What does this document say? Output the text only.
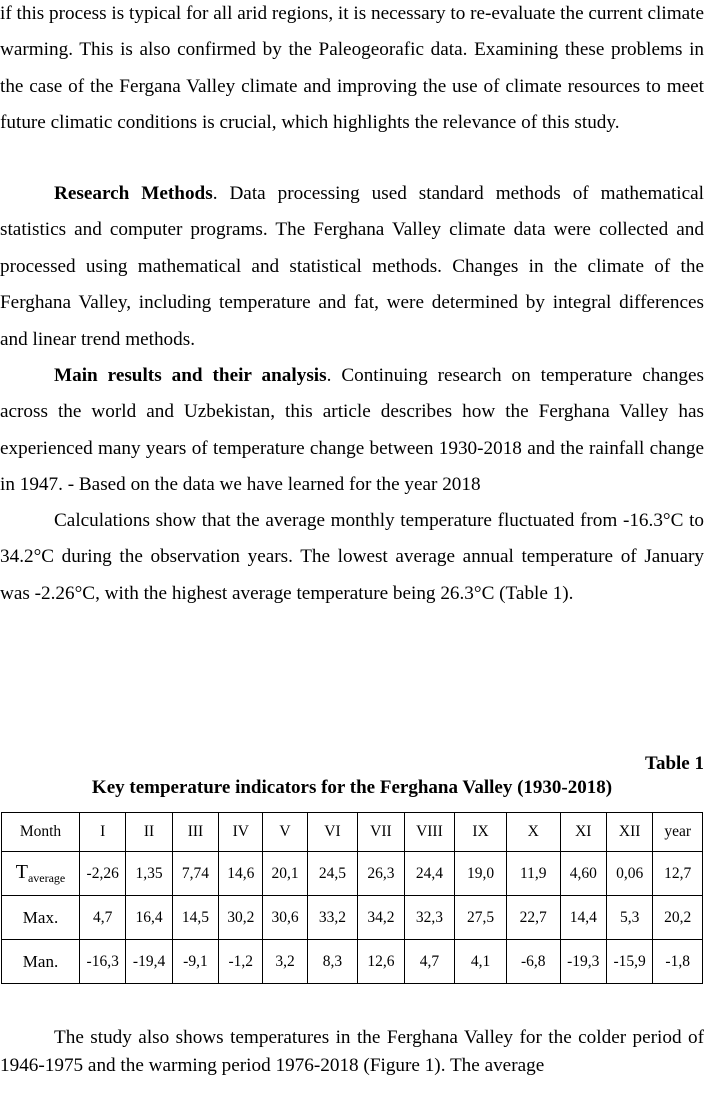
if this process is typical for all arid regions, it is necessary to re-evaluate the current climate warming. This is also confirmed by the Paleogeorafic data. Examining these problems in the case of the Fergana Valley climate and improving the use of climate resources to meet future climatic conditions is crucial, which highlights the relevance of this study.

Research Methods. Data processing used standard methods of mathematical statistics and computer programs. The Ferghana Valley climate data were collected and processed using mathematical and statistical methods. Changes in the climate of the Ferghana Valley, including temperature and fat, were determined by integral differences and linear trend methods.

Main results and their analysis. Continuing research on temperature changes across the world and Uzbekistan, this article describes how the Ferghana Valley has experienced many years of temperature change between 1930-2018 and the rainfall change in 1947. - Based on the data we have learned for the year 2018

Calculations show that the average monthly temperature fluctuated from -16.3°C to 34.2°C during the observation years. The lowest average annual temperature of January was -2.26°C, with the highest average temperature being 26.3°C (Table 1).

Table 1
Key temperature indicators for the Ferghana Valley (1930-2018)
Month	I	II	III	IV	V	VI	VII	VIII	IX	X	XI	XII	year
$T_{average}$	-2,26	1,35	7,74	14,6	20,1	24,5	26,3	24,4	19,0	11,9	4,60	0,06	12,7
Max.	4,7	16,4	14,5	30,2	30,6	33,2	34,2	32,3	27,5	22,7	14,4	5,3	20,2
Man.	-16,3	-19,4	-9,1	-1,2	3,2	8,3	12,6	4,7	4,1	-6,8	-19,3	-15,9	-1,8

The study also shows temperatures in the Ferghana Valley for the colder period of 1946-1975 and the warming period 1976-2018 (Figure 1). The average
